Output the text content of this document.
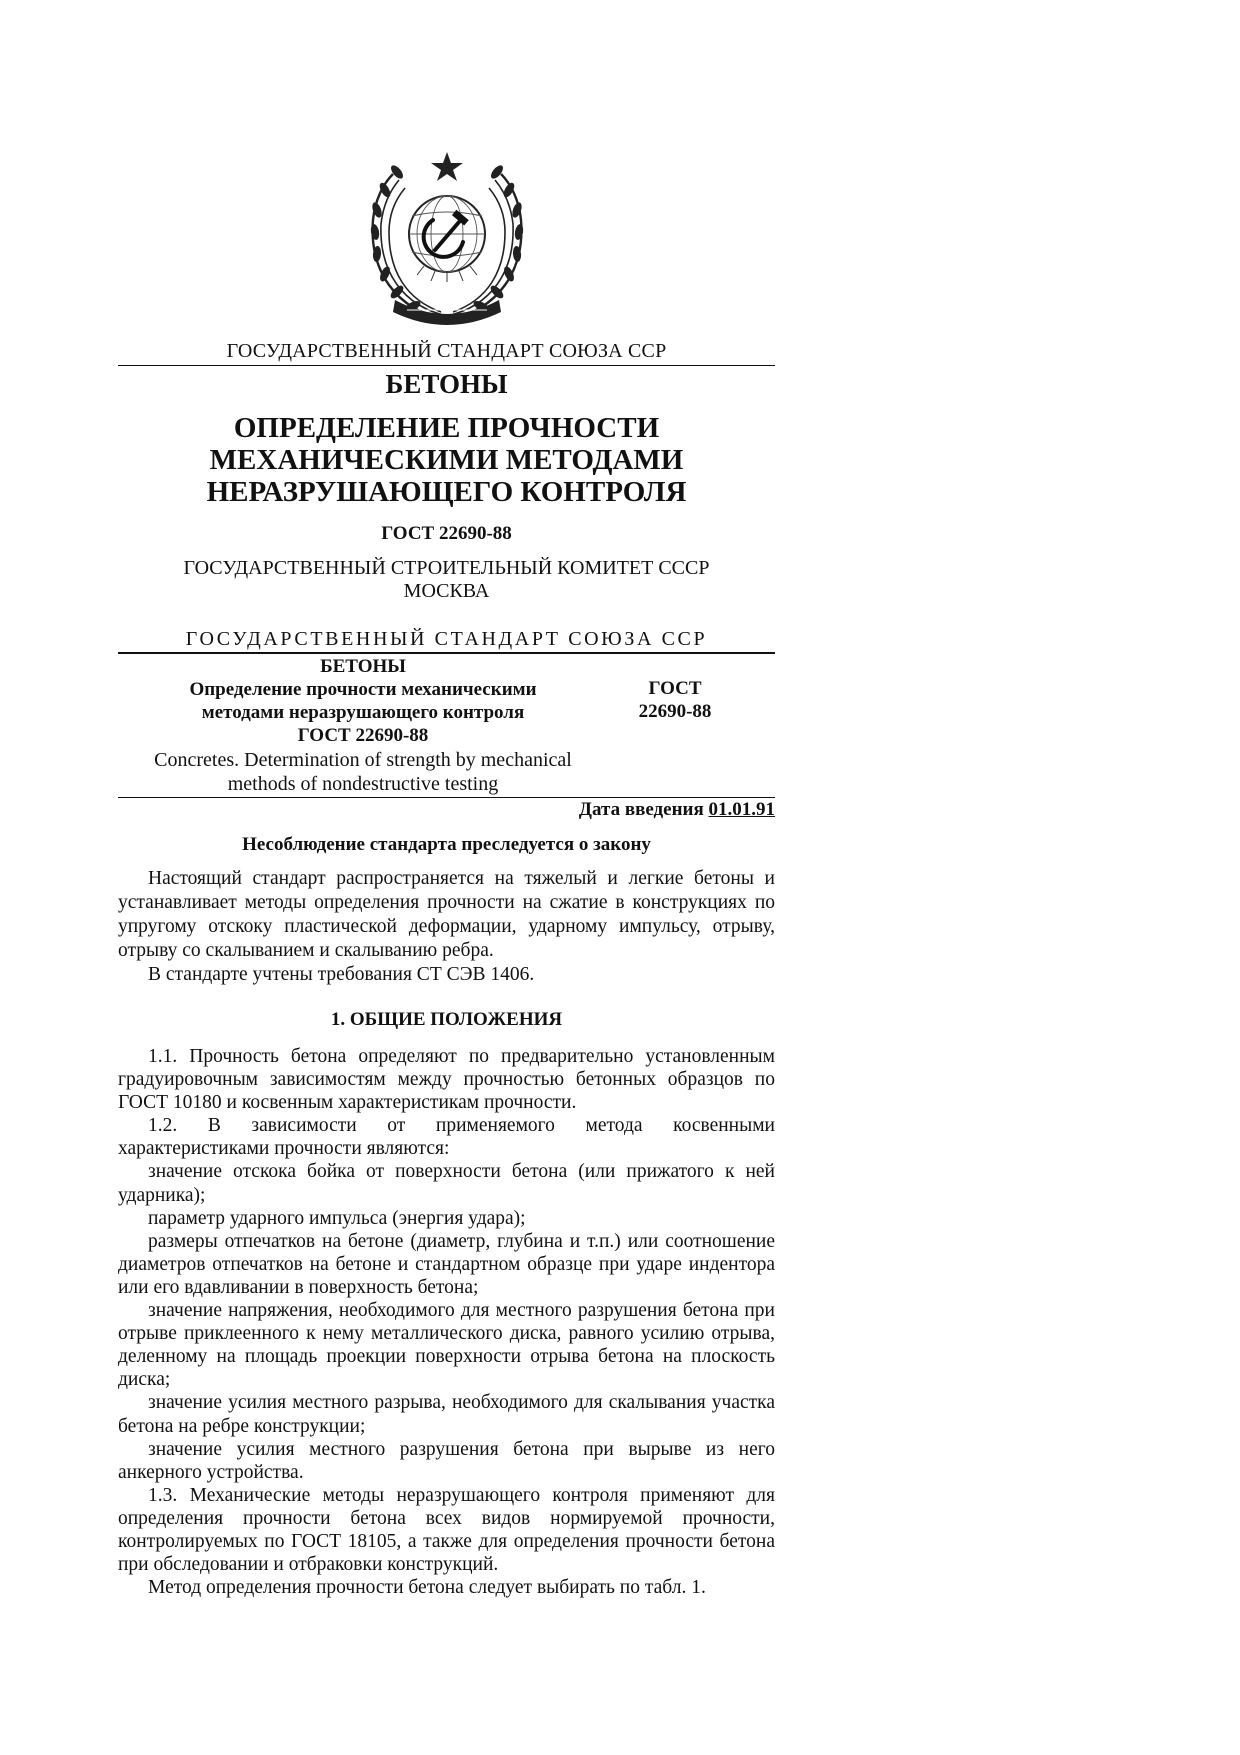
ГОСУДАРСТВЕННЫЙ СТАНДАРТ СОЮЗА ССР
БЕТОНЫ
ОПРЕДЕЛЕНИЕ ПРОЧНОСТИ
МЕХАНИЧЕСКИМИ МЕТОДАМИ
НЕРАЗРУШАЮЩЕГО КОНТРОЛЯ
ГОСТ 22690-88
ГОСУДАРСТВЕННЫЙ СТРОИТЕЛЬНЫЙ КОМИТЕТ СССР
МОСКВА
ГОСУДАРСТВЕННЫЙ СТАНДАРТ СОЮЗА ССР
БЕТОНЫ
Определение прочности механическими
методами неразрушающего контроля
ГОСТ 22690-88
Concretes. Determination of strength by mechanical
methods of nondestructive testing
ГОСТ
22690-88
Дата введения 01.01.91
Несоблюдение стандарта преследуется о закону

Настоящий стандарт распространяется на тяжелый и легкие бетоны и устанавливает методы определения прочности на сжатие в конструкциях по упругому отскоку пластической деформации, ударному импульсу, отрыву, отрыву со скалыванием и скалыванию ребра.

В стандарте учтены требования СТ СЭВ 1406.

1. ОБЩИЕ ПОЛОЖЕНИЯ

1.1. Прочность бетона определяют по предварительно установленным градуировочным зависимостям между прочностью бетонных образцов по ГОСТ 10180 и косвенным характеристикам прочности.

1.2. В зависимости от применяемого метода косвенными характеристиками прочности являются:

значение отскока бойка от поверхности бетона (или прижатого к ней ударника);

параметр ударного импульса (энергия удара);

размеры отпечатков на бетоне (диаметр, глубина и т.п.) или соотношение диаметров отпечатков на бетоне и стандартном образце при ударе индентора или его вдавливании в поверхность бетона;

значение напряжения, необходимого для местного разрушения бетона при отрыве приклеенного к нему металлического диска, равного усилию отрыва, деленному на площадь проекции поверхности отрыва бетона на плоскость диска;

значение усилия местного разрыва, необходимого для скалывания участка бетона на ребре конструкции;

значение усилия местного разрушения бетона при вырыве из него анкерного устройства.

1.3. Механические методы неразрушающего контроля применяют для определения прочности бетона всех видов нормируемой прочности, контролируемых по ГОСТ 18105, а также для определения прочности бетона при обследовании и отбраковки конструкций.

Метод определения прочности бетона следует выбирать по табл. 1.
